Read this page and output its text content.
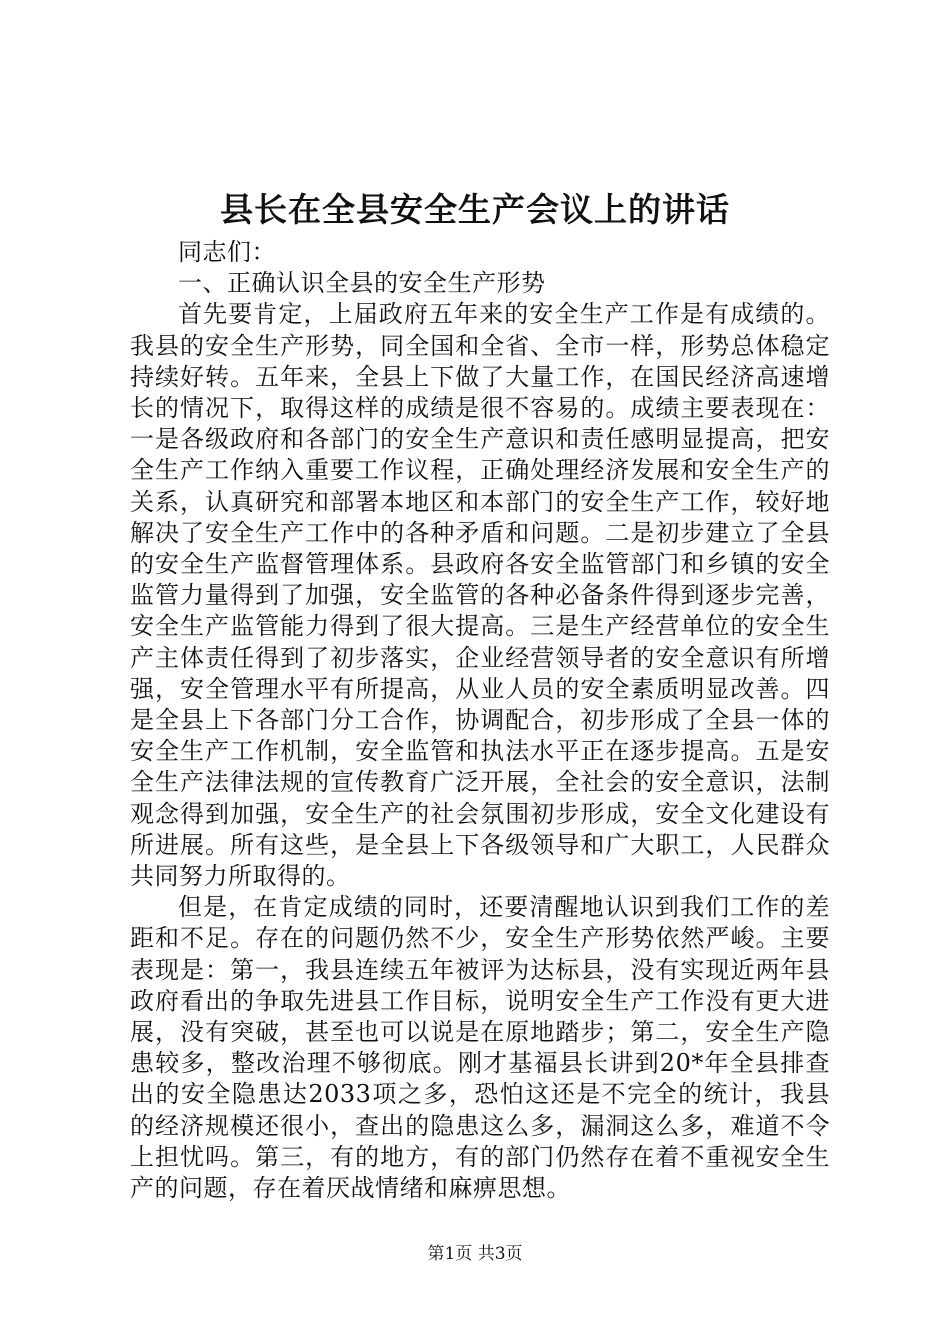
县长在全县安全生产会议上的讲话

同志们：

一、正确认识全县的安全生产形势

首先要肯定，上届政府五年来的安全生产工作是有成绩的。我县的安全生产形势，同全国和全省、全市一样，形势总体稳定持续好转。五年来，全县上下做了大量工作，在国民经济高速增长的情况下，取得这样的成绩是很不容易的。成绩主要表现在：一是各级政府和各部门的安全生产意识和责任感明显提高，把安全生产工作纳入重要工作议程，正确处理经济发展和安全生产的关系，认真研究和部署本地区和本部门的安全生产工作，较好地解决了安全生产工作中的各种矛盾和问题。二是初步建立了全县的安全生产监督管理体系。县政府各安全监管部门和乡镇的安全监管力量得到了加强，安全监管的各种必备条件得到逐步完善，安全生产监管能力得到了很大提高。三是生产经营单位的安全生产主体责任得到了初步落实，企业经营领导者的安全意识有所增强，安全管理水平有所提高，从业人员的安全素质明显改善。四是全县上下各部门分工合作，协调配合，初步形成了全县一体的安全生产工作机制，安全监管和执法水平正在逐步提高。五是安全生产法律法规的宣传教育广泛开展，全社会的安全意识，法制观念得到加强，安全生产的社会氛围初步形成，安全文化建设有所进展。所有这些，是全县上下各级领导和广大职工，人民群众共同努力所取得的。

但是，在肯定成绩的同时，还要清醒地认识到我们工作的差距和不足。存在的问题仍然不少，安全生产形势依然严峻。主要表现是：第一，我县连续五年被评为达标县，没有实现近两年县政府看出的争取先进县工作目标，说明安全生产工作没有更大进展，没有突破，甚至也可以说是在原地踏步；第二，安全生产隐患较多，整改治理不够彻底。刚才基福县长讲到20*年全县排查出的安全隐患达2033项之多，恐怕这还是不完全的统计，我县的经济规模还很小，查出的隐患这么多，漏洞这么多，难道不令上担忧吗。第三，有的地方，有的部门仍然存在着不重视安全生产的问题，存在着厌战情绪和麻痹思想。

第1页 共3页
